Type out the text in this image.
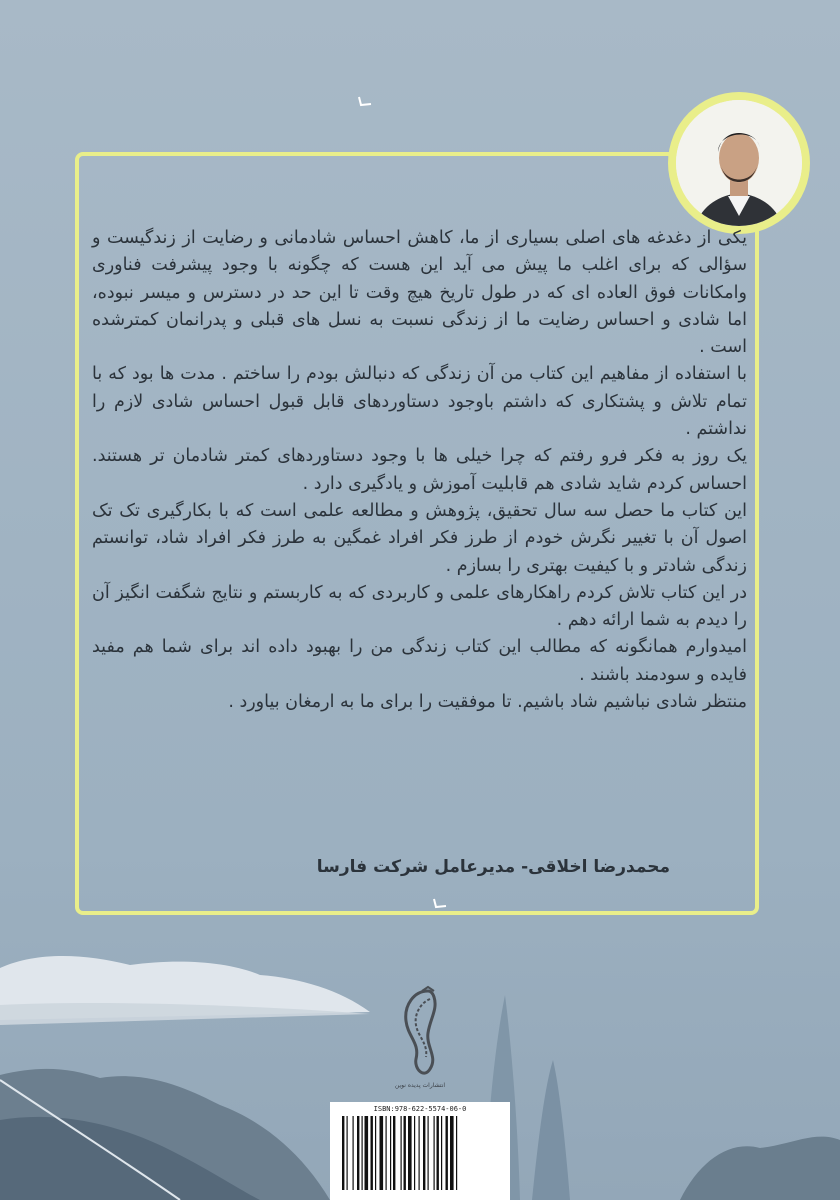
یکی از دغدغه های اصلی بسیاری از ما، کاهش احساس شادمانی و رضایت از زندگیست و سؤالی که برای اغلب ما پیش می آید این هست که چگونه با وجود پیشرفت فناوری وامکانات فوق العاده ای که در طول تاریخ هیچ وقت تا این حد در دسترس و میسر نبوده، اما شادی و احساس رضایت ما از زندگی نسبت به نسل های قبلی و پدرانمان کمترشده است .

با استفاده از مفاهیم این کتاب من آن زندگی که دنبالش بودم را ساختم . مدت ها بود که با تمام تلاش و پشتکاری که داشتم باوجود دستاوردهای قابل قبول احساس شادی لازم را نداشتم .

یک روز به فکر فرو رفتم که چرا خیلی ها با وجود دستاوردهای کمتر شادمان تر هستند. احساس کردم شاید شادی هم قابلیت آموزش و یادگیری دارد .

این کتاب ما حصل سه سال تحقیق، پژوهش و مطالعه علمی است که با بکارگیری تک تک اصول آن با تغییر نگرش خودم از طرز فکر افراد غمگین به طرز فکر افراد شاد، توانستم زندگی شادتر و با کیفیت بهتری را بسازم .

در این کتاب تلاش کردم راهکارهای علمی و کاربردی که به کاربستم و نتایج شگفت انگیز آن را دیدم به شما ارائه دهم .

امیدوارم همانگونه که مطالب این کتاب زندگی من را بهبود داده اند برای شما هم مفید فایده و سودمند باشند .

منتظر شادی نباشیم شاد باشیم. تا موفقیت را برای ما به ارمغان بیاورد .

محمدرضا اخلاقی- مدیرعامل شرکت فارسا
انتشارات پدیده نوین
ISBN:978-622-5574-06-0
